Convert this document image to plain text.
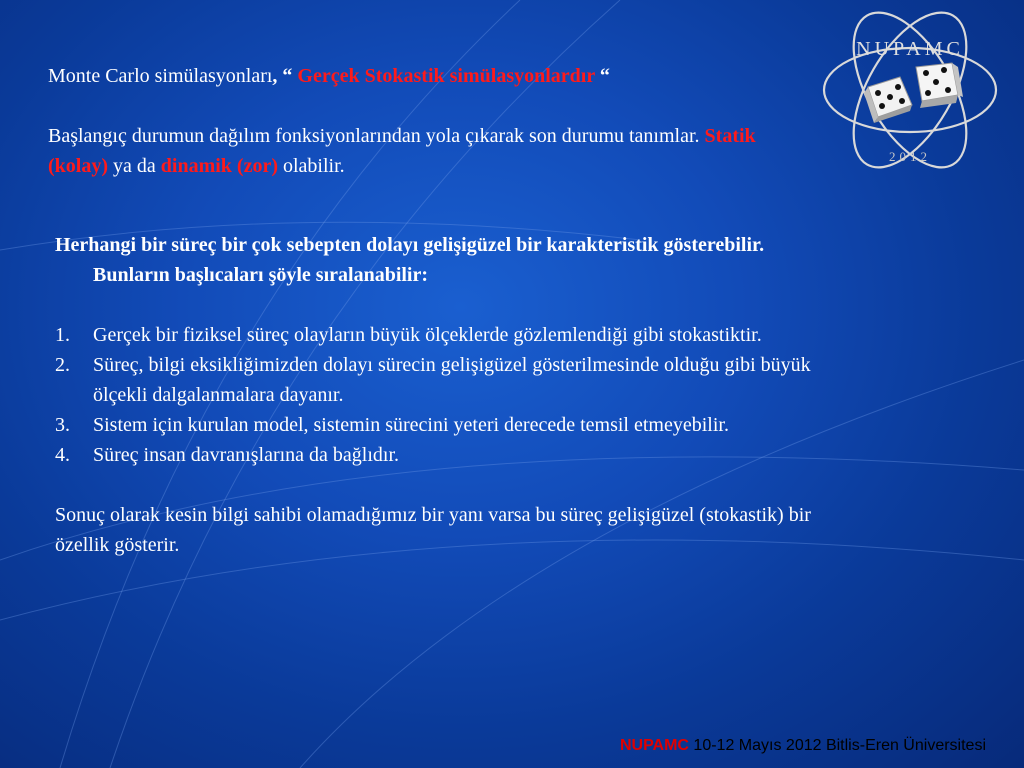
NUPAMC
2012

Monte Carlo simülasyonları, “ Gerçek Stokastik simülasyonlardır “

Başlangıç durumun dağılım fonksiyonlarından yola çıkarak son durumu tanımlar. Statik (kolay) ya da dinamik (zor) olabilir.

Herhangi bir süreç bir çok sebepten dolayı gelişigüzel bir karakteristik gösterebilir. Bunların başlıcaları şöyle sıralanabilir:

1. Gerçek bir fiziksel süreç olayların büyük ölçeklerde gözlemlendiği gibi stokastiktir.
2. Süreç, bilgi eksikliğimizden dolayı sürecin gelişigüzel gösterilmesinde olduğu gibi büyük ölçekli dalgalanmalara dayanır.
3. Sistem için kurulan model, sistemin sürecini yeteri derecede temsil etmeyebilir.
4. Süreç insan davranışlarına da bağlıdır.

Sonuç olarak kesin bilgi sahibi olamadığımız bir yanı varsa bu süreç gelişigüzel (stokastik) bir özellik gösterir.

NUPAMC 10-12 Mayıs 2012 Bitlis-Eren Üniversitesi
